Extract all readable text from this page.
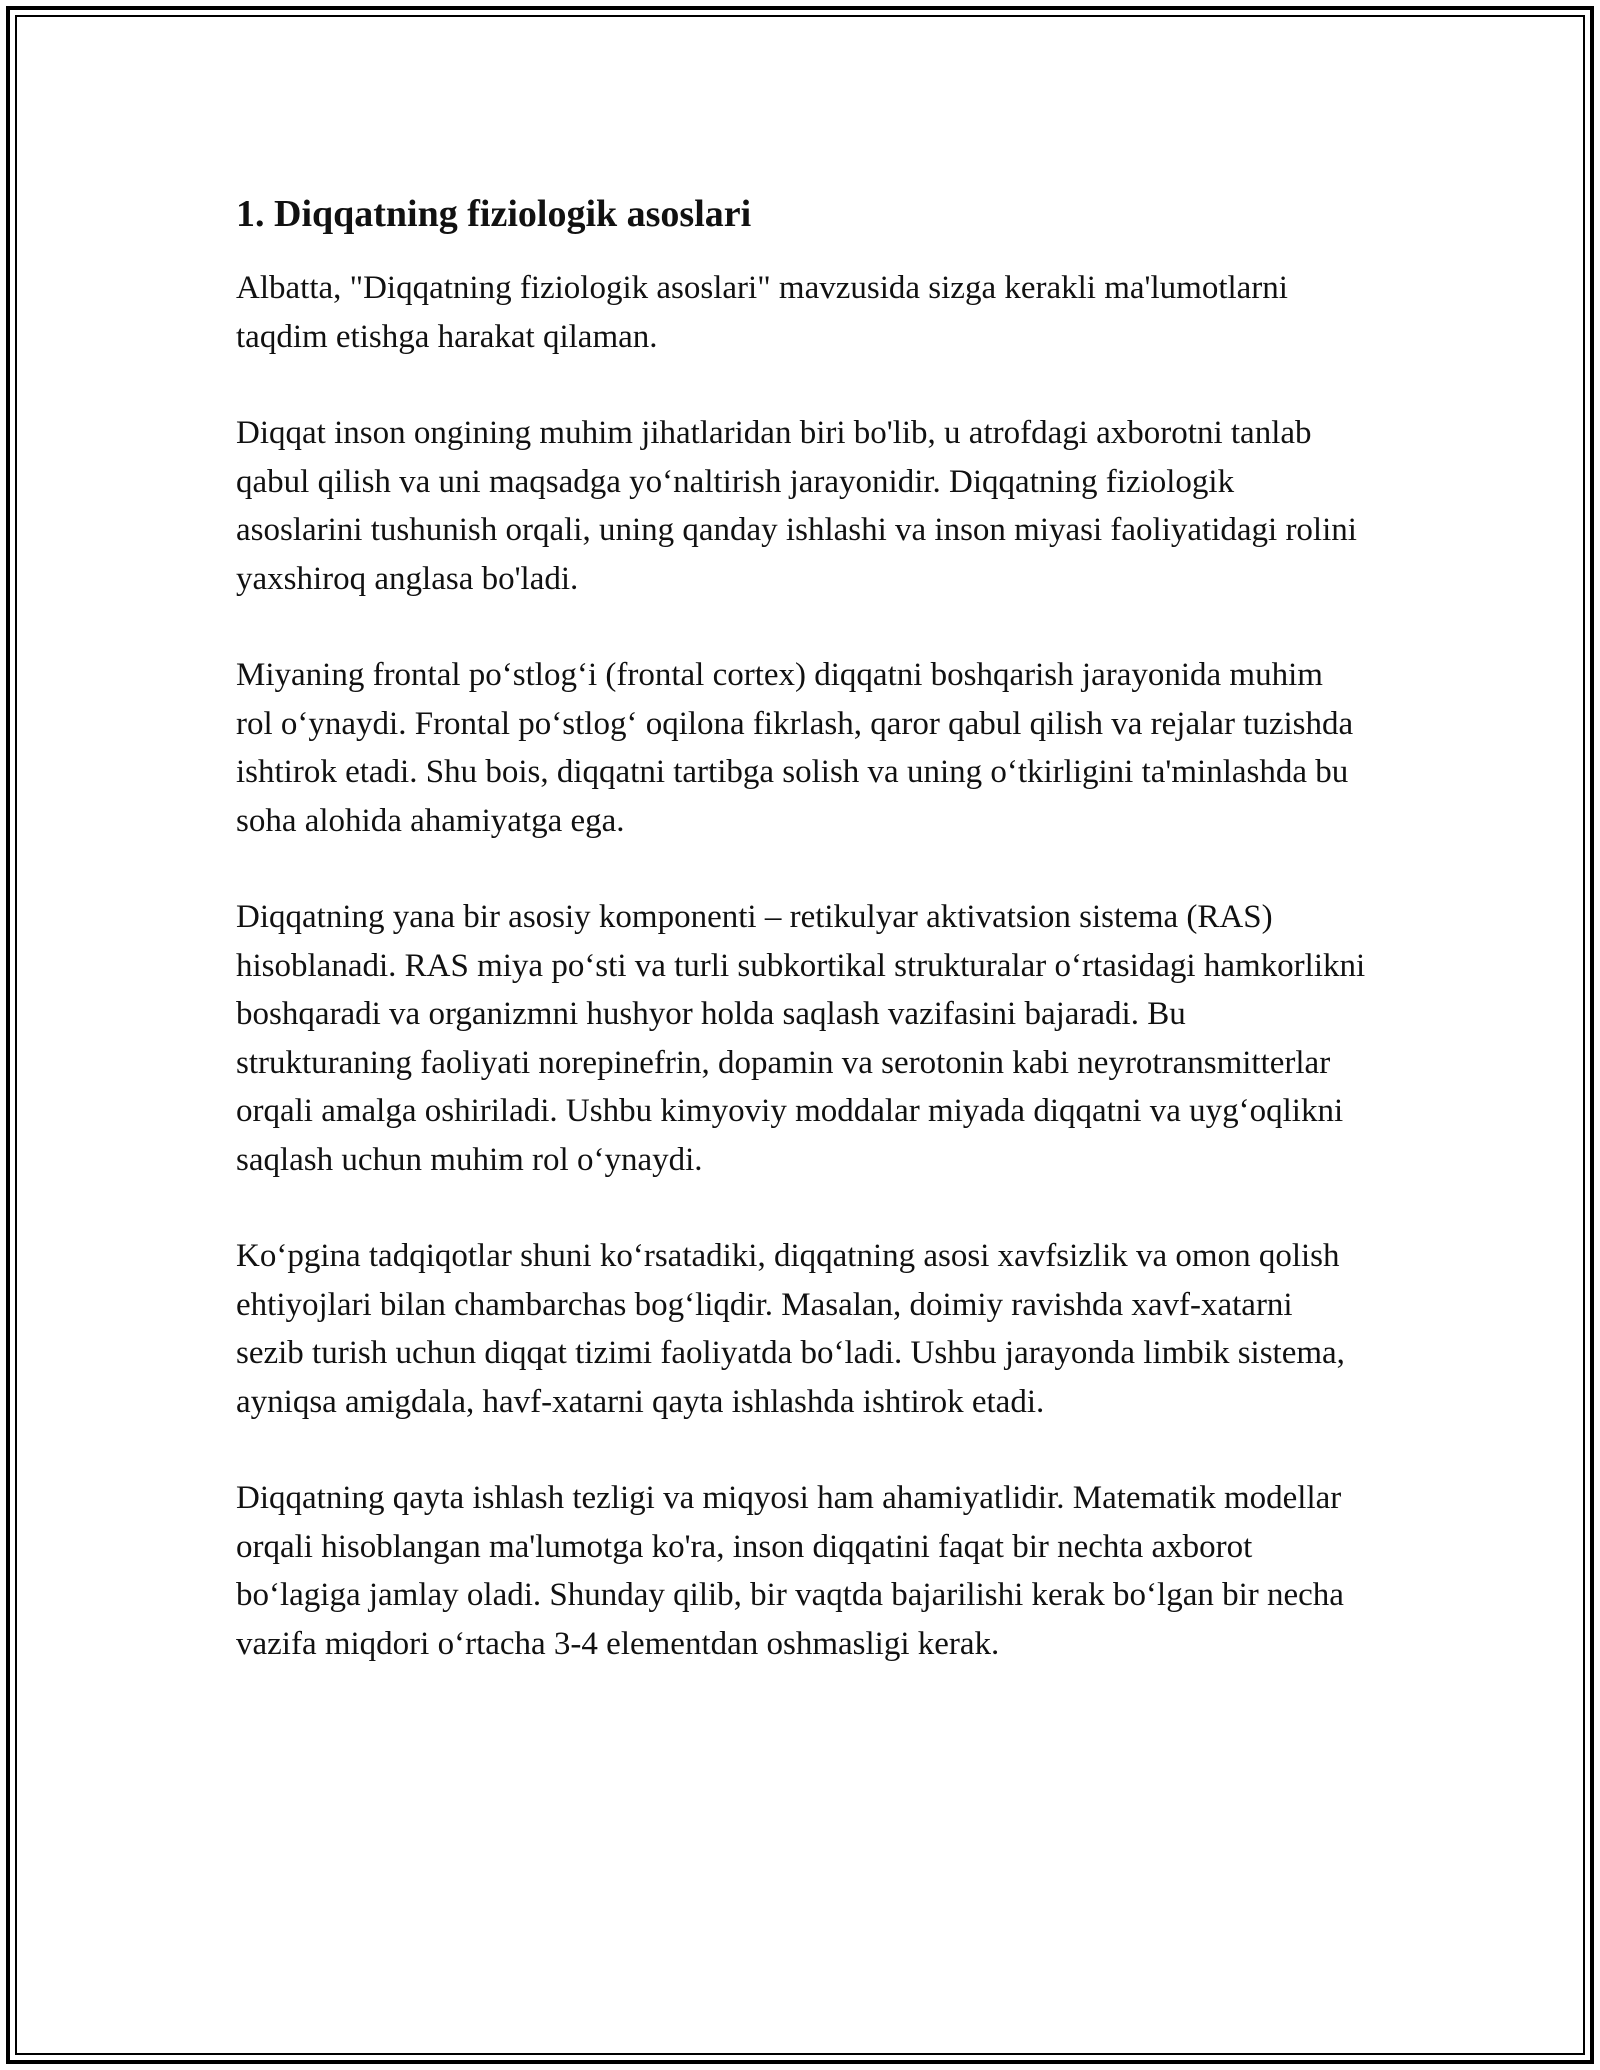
1. Diqqatning fiziologik asoslari

Albatta, "Diqqatning fiziologik asoslari" mavzusida sizga kerakli ma'lumotlarni taqdim etishga harakat qilaman.

Diqqat inson ongining muhim jihatlaridan biri bo'lib, u atrofdagi axborotni tanlab qabul qilish va uni maqsadga yo‘naltirish jarayonidir. Diqqatning fiziologik asoslarini tushunish orqali, uning qanday ishlashi va inson miyasi faoliyatidagi rolini yaxshiroq anglasa bo'ladi.

Miyaning frontal po‘stlog‘i (frontal cortex) diqqatni boshqarish jarayonida muhim rol o‘ynaydi. Frontal po‘stlog‘ oqilona fikrlash, qaror qabul qilish va rejalar tuzishda ishtirok etadi. Shu bois, diqqatni tartibga solish va uning o‘tkirligini ta'minlashda bu soha alohida ahamiyatga ega.

Diqqatning yana bir asosiy komponenti – retikulyar aktivatsion sistema (RAS) hisoblanadi. RAS miya po‘sti va turli subkortikal strukturalar o‘rtasidagi hamkorlikni boshqaradi va organizmni hushyor holda saqlash vazifasini bajaradi. Bu strukturaning faoliyati norepinefrin, dopamin va serotonin kabi neyrotransmitterlar orqali amalga oshiriladi. Ushbu kimyoviy moddalar miyada diqqatni va uyg‘oqlikni saqlash uchun muhim rol o‘ynaydi.

Ko‘pgina tadqiqotlar shuni ko‘rsatadiki, diqqatning asosi xavfsizlik va omon qolish ehtiyojlari bilan chambarchas bog‘liqdir. Masalan, doimiy ravishda xavf-xatarni sezib turish uchun diqqat tizimi faoliyatda bo‘ladi. Ushbu jarayonda limbik sistema, ayniqsa amigdala, havf-xatarni qayta ishlashda ishtirok etadi.

Diqqatning qayta ishlash tezligi va miqyosi ham ahamiyatlidir. Matematik modellar orqali hisoblangan ma'lumotga ko'ra, inson diqqatini faqat bir nechta axborot bo‘lagiga jamlay oladi. Shunday qilib, bir vaqtda bajarilishi kerak bo‘lgan bir necha vazifa miqdori o‘rtacha 3-4 elementdan oshmasligi kerak.
